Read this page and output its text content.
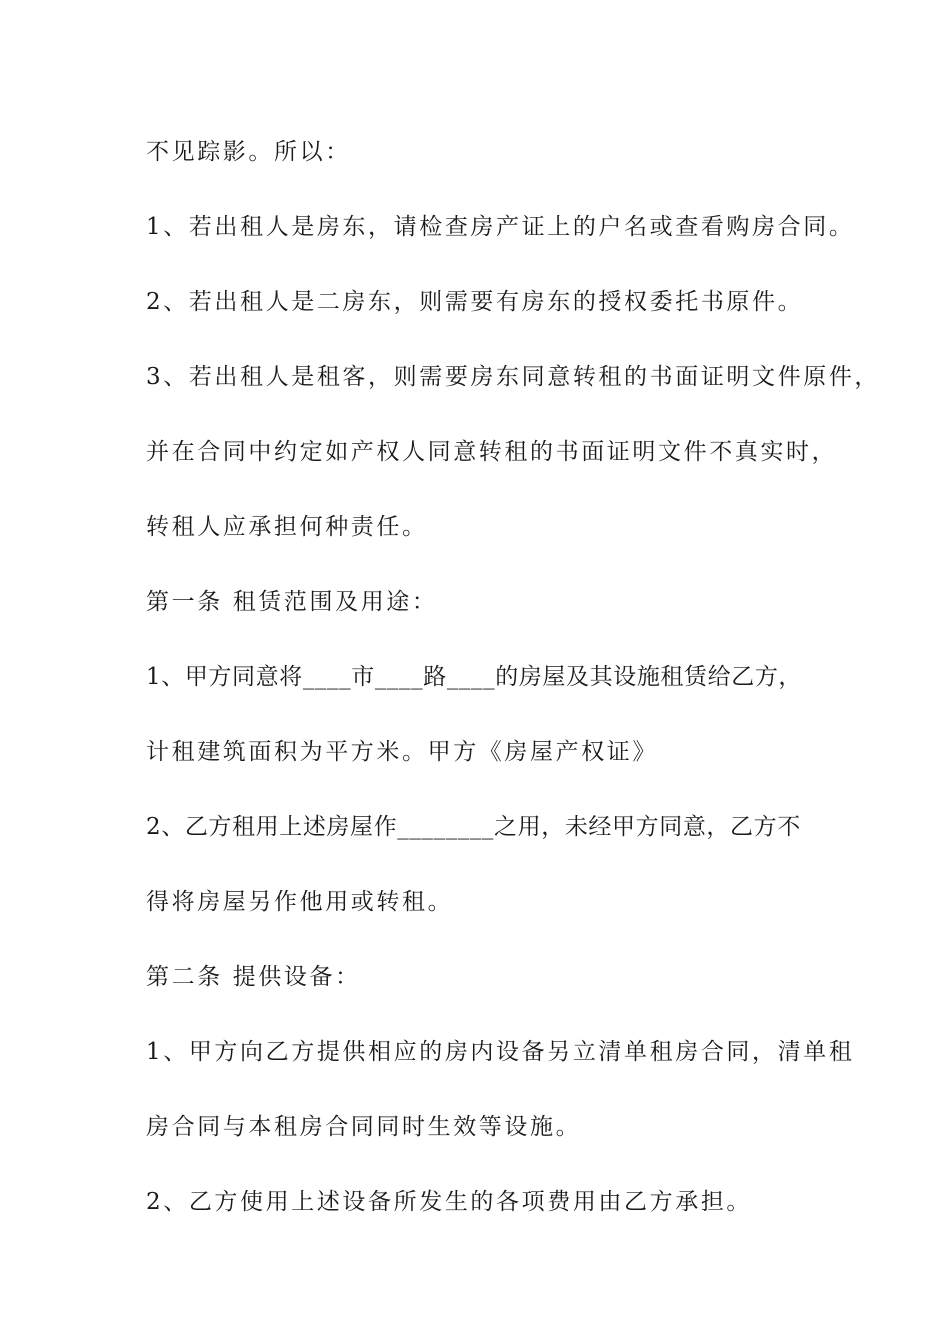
不见踪影。所以：
1、若出租人是房东，请检查房产证上的户名或查看购房合同。
2、若出租人是二房东，则需要有房东的授权委托书原件。
3、若出租人是租客，则需要房东同意转租的书面证明文件原件，
并在合同中约定如产权人同意转租的书面证明文件不真实时，
转租人应承担何种责任。
第一条 租赁范围及用途：
1、甲方同意将____市____路____的房屋及其设施租赁给乙方，
计租建筑面积为平方米。甲方《房屋产权证》
2、乙方租用上述房屋作________之用，未经甲方同意，乙方不
得将房屋另作他用或转租。
第二条 提供设备：
1、甲方向乙方提供相应的房内设备另立清单租房合同，清单租
房合同与本租房合同同时生效等设施。
2、乙方使用上述设备所发生的各项费用由乙方承担。
